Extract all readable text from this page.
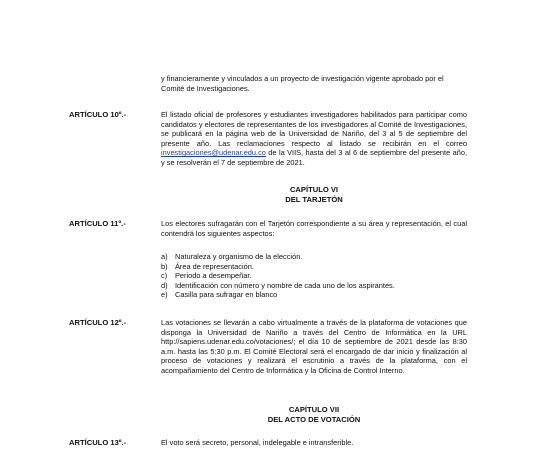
y financieramente y vinculados a un proyecto de investigación vigente aprobado por el
Comité de Investigaciones.
ARTÍCULO 10º.-	El listado oficial de profesores y estudiantes investigadores habilitados para participar como candidatos y electores de representantes de los investigadores al Comité de Investigaciones, se publicará en la página web de la Universidad de Nariño, del 3 al 5 de septiembre del presente año. Las reclamaciones respecto al listado se recibirán en el correo investigaciones@udenar.edu.co de la VIIS, hasta del 3 al 6 de septiembre del presente año, y se resolverán el 7 de septiembre de 2021.
CAPÍTULO VI
DEL TARJETÓN
ARTÍCULO 11º.-	Los electores sufragarán con el Tarjetón correspondiente a su área y representación, el cual contendrá los siguientes aspectos:
a)	Naturaleza y organismo de la elección.
b)	Área de representación.
c)	Periodo a desempeñar.
d)	Identificación con número y nombre de cada uno de los aspirantes.
e)	Casilla para sufragar en blanco
ARTÍCULO 12º.-	Las votaciones se llevarán a cabo virtualmente a través de la plataforma de votaciones que disponga la Universidad de Nariño a través del Centro de Informática en la URL http://sapiens.udenar.edu.co/votaciones/; el día 10 de septiembre de 2021 desde las 8:30 a.m. hasta las 5:30 p.m. El Comité Electoral será el encargado de dar inicio y finalización al proceso de votaciones y realizará el escrutinio a través de la plataforma, con el acompañamiento del Centro de Informática y la Oficina de Control Interno.
CAPÍTULO VII
DEL ACTO DE VOTACIÓN
ARTÍCULO 13º.-	El voto será secreto, personal, indelegable e intransferible.
